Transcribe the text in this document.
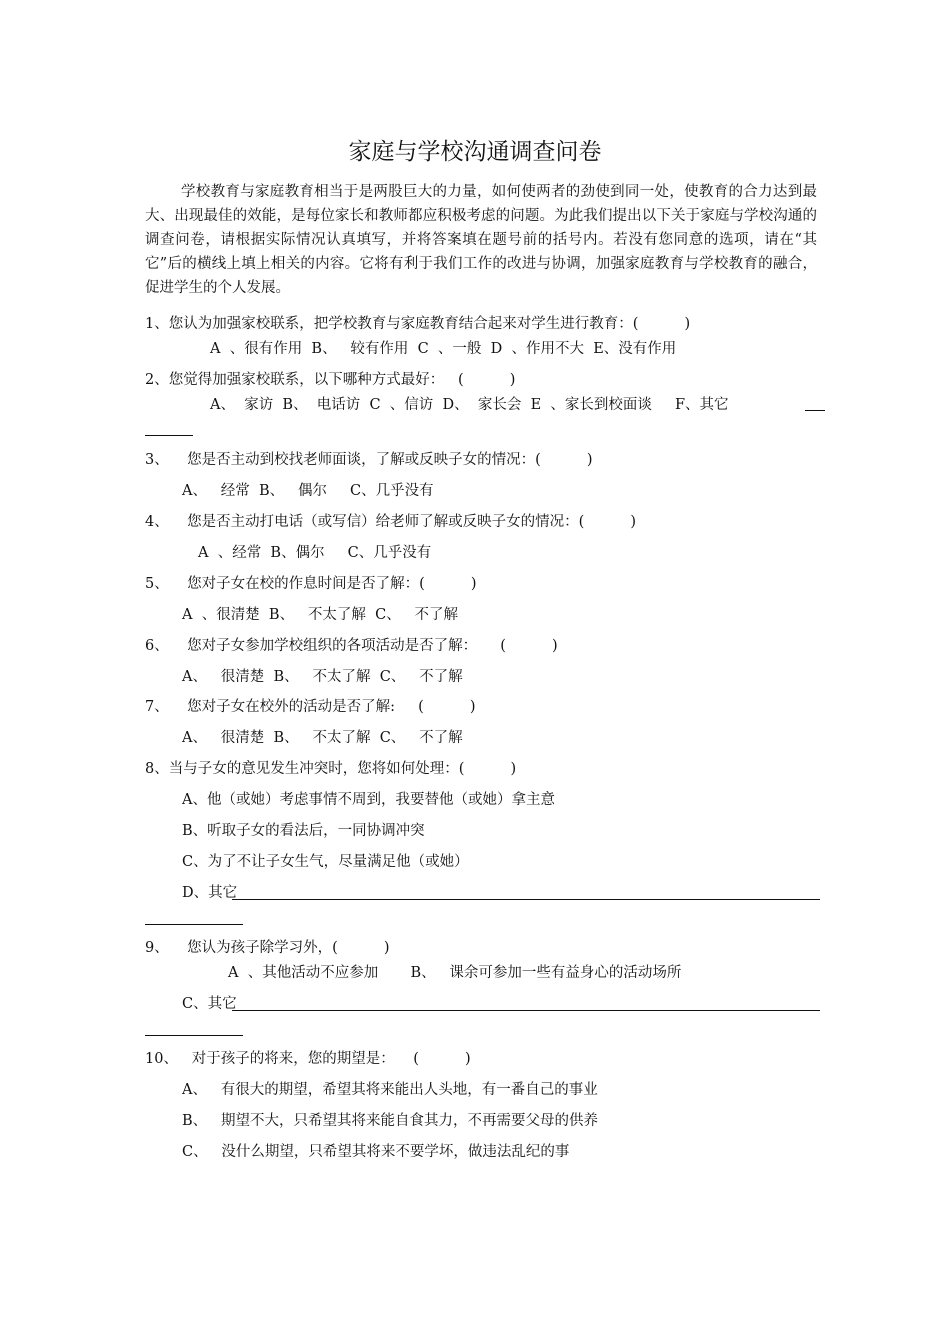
家庭与学校沟通调查问卷
学校教育与家庭教育相当于是两股巨大的力量，如何使两者的劲使到同一处，使教育的合力达到最大、出现最佳的效能，是每位家长和教师都应积极考虑的问题。为此我们提出以下关于家庭与学校沟通的调查问卷，请根据实际情况认真填写，并将答案填在题号前的括号内。若没有您同意的选项，请在“其它”后的横线上填上相关的内容。它将有利于我们工作的改进与协调，加强家庭教育与学校教育的融合，促进学生的个人发展。
1、您认为加强家校联系，把学校教育与家庭教育结合起来对学生进行教育：(          )
A  、很有作用  B、   较有作用  C  、一般  D  、作用不大  E、没有作用
2、您觉得加强家校联系，以下哪种方式最好：   (          )
A、  家访  B、  电话访  C  、信访  D、  家长会  E  、家长到校面谈     F、其它
3、    您是否主动到校找老师面谈，了解或反映子女的情况：(          )
A、   经常  B、   偶尔     C、几乎没有
4、    您是否主动打电话（或写信）给老师了解或反映子女的情况：(          )
A  、经常  B、偶尔     C、几乎没有
5、    您对子女在校的作息时间是否了解：(          )
A  、很清楚  B、   不太了解  C、   不了解
6、    您对子女参加学校组织的各项活动是否了解：     (          )
A、   很清楚  B、   不太了解  C、   不了解
7、    您对子女在校外的活动是否了解:     (          )
A、   很清楚  B、   不太了解  C、   不了解
8、当与子女的意见发生冲突时，您将如何处理：(          )
A、他（或她）考虑事情不周到，我要替他（或她）拿主意
B、听取子女的看法后，一同协调冲突
C、为了不让子女生气，尽量满足他（或她）
D、其它
9、    您认为孩子除学习外，(          )
A  、其他活动不应参加       B、   课余可参加一些有益身心的活动场所
C、其它
10、   对于孩子的将来，您的期望是：    (          )
A、   有很大的期望，希望其将来能出人头地，有一番自己的事业
B、   期望不大，只希望其将来能自食其力，不再需要父母的供养
C、   没什么期望，只希望其将来不要学坏，做违法乱纪的事
